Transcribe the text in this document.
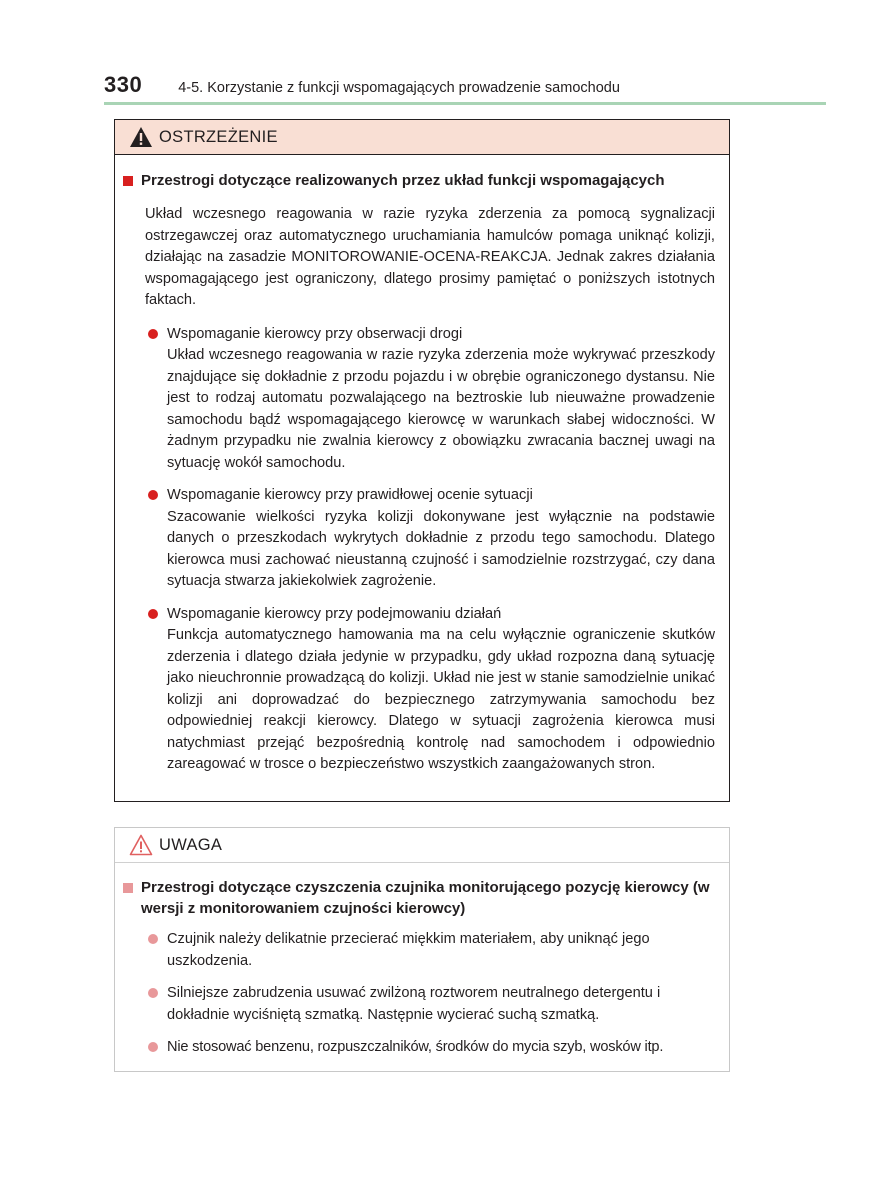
330 4-5. Korzystanie z funkcji wspomagających prowadzenie samochodu
OSTRZEŻENIE
Przestrogi dotyczące realizowanych przez układ funkcji wspomagających

Układ wczesnego reagowania w razie ryzyka zderzenia za pomocą sygnalizacji ostrzegawczej oraz automatycznego uruchamiania hamulców pomaga uniknąć kolizji, działając na zasadzie MONITOROWANIE-OCENA-REAKCJA. Jednak zakres działania wspomagającego jest ograniczony, dlatego prosimy pamiętać o poniższych istotnych faktach.

Wspomaganie kierowcy przy obserwacji drogi
Układ wczesnego reagowania w razie ryzyka zderzenia może wykrywać przeszkody znajdujące się dokładnie z przodu pojazdu i w obrębie ograniczonego dystansu. Nie jest to rodzaj automatu pozwalającego na beztroskie lub nieuważne prowadzenie samochodu bądź wspomagającego kierowcę w warunkach słabej widoczności. W żadnym przypadku nie zwalnia kierowcy z obowiązku zwracania bacznej uwagi na sytuację wokół samochodu.
Wspomaganie kierowcy przy prawidłowej ocenie sytuacji
Szacowanie wielkości ryzyka kolizji dokonywane jest wyłącznie na podstawie danych o przeszkodach wykrytych dokładnie z przodu tego samochodu. Dlatego kierowca musi zachować nieustanną czujność i samodzielnie rozstrzygać, czy dana sytuacja stwarza jakiekolwiek zagrożenie.
Wspomaganie kierowcy przy podejmowaniu działań
Funkcja automatycznego hamowania ma na celu wyłącznie ograniczenie skutków zderzenia i dlatego działa jedynie w przypadku, gdy układ rozpozna daną sytuację jako nieuchronnie prowadzącą do kolizji. Układ nie jest w stanie samodzielnie unikać kolizji ani doprowadzać do bezpiecznego zatrzymywania samochodu bez odpowiedniej reakcji kierowcy. Dlatego w sytuacji zagrożenia kierowca musi natychmiast przejąć bezpośrednią kontrolę nad samochodem i odpowiednio zareagować w trosce o bezpieczeństwo wszystkich zaangażowanych stron.
UWAGA
Przestrogi dotyczące czyszczenia czujnika monitorującego pozycję kierowcy (w wersji z monitorowaniem czujności kierowcy)
Czujnik należy delikatnie przecierać miękkim materiałem, aby uniknąć jego uszkodzenia.
Silniejsze zabrudzenia usuwać zwilżoną roztworem neutralnego detergentu i dokładnie wyciśniętą szmatką. Następnie wycierać suchą szmatką.
Nie stosować benzenu, rozpuszczalników, środków do mycia szyb, wosków itp.
